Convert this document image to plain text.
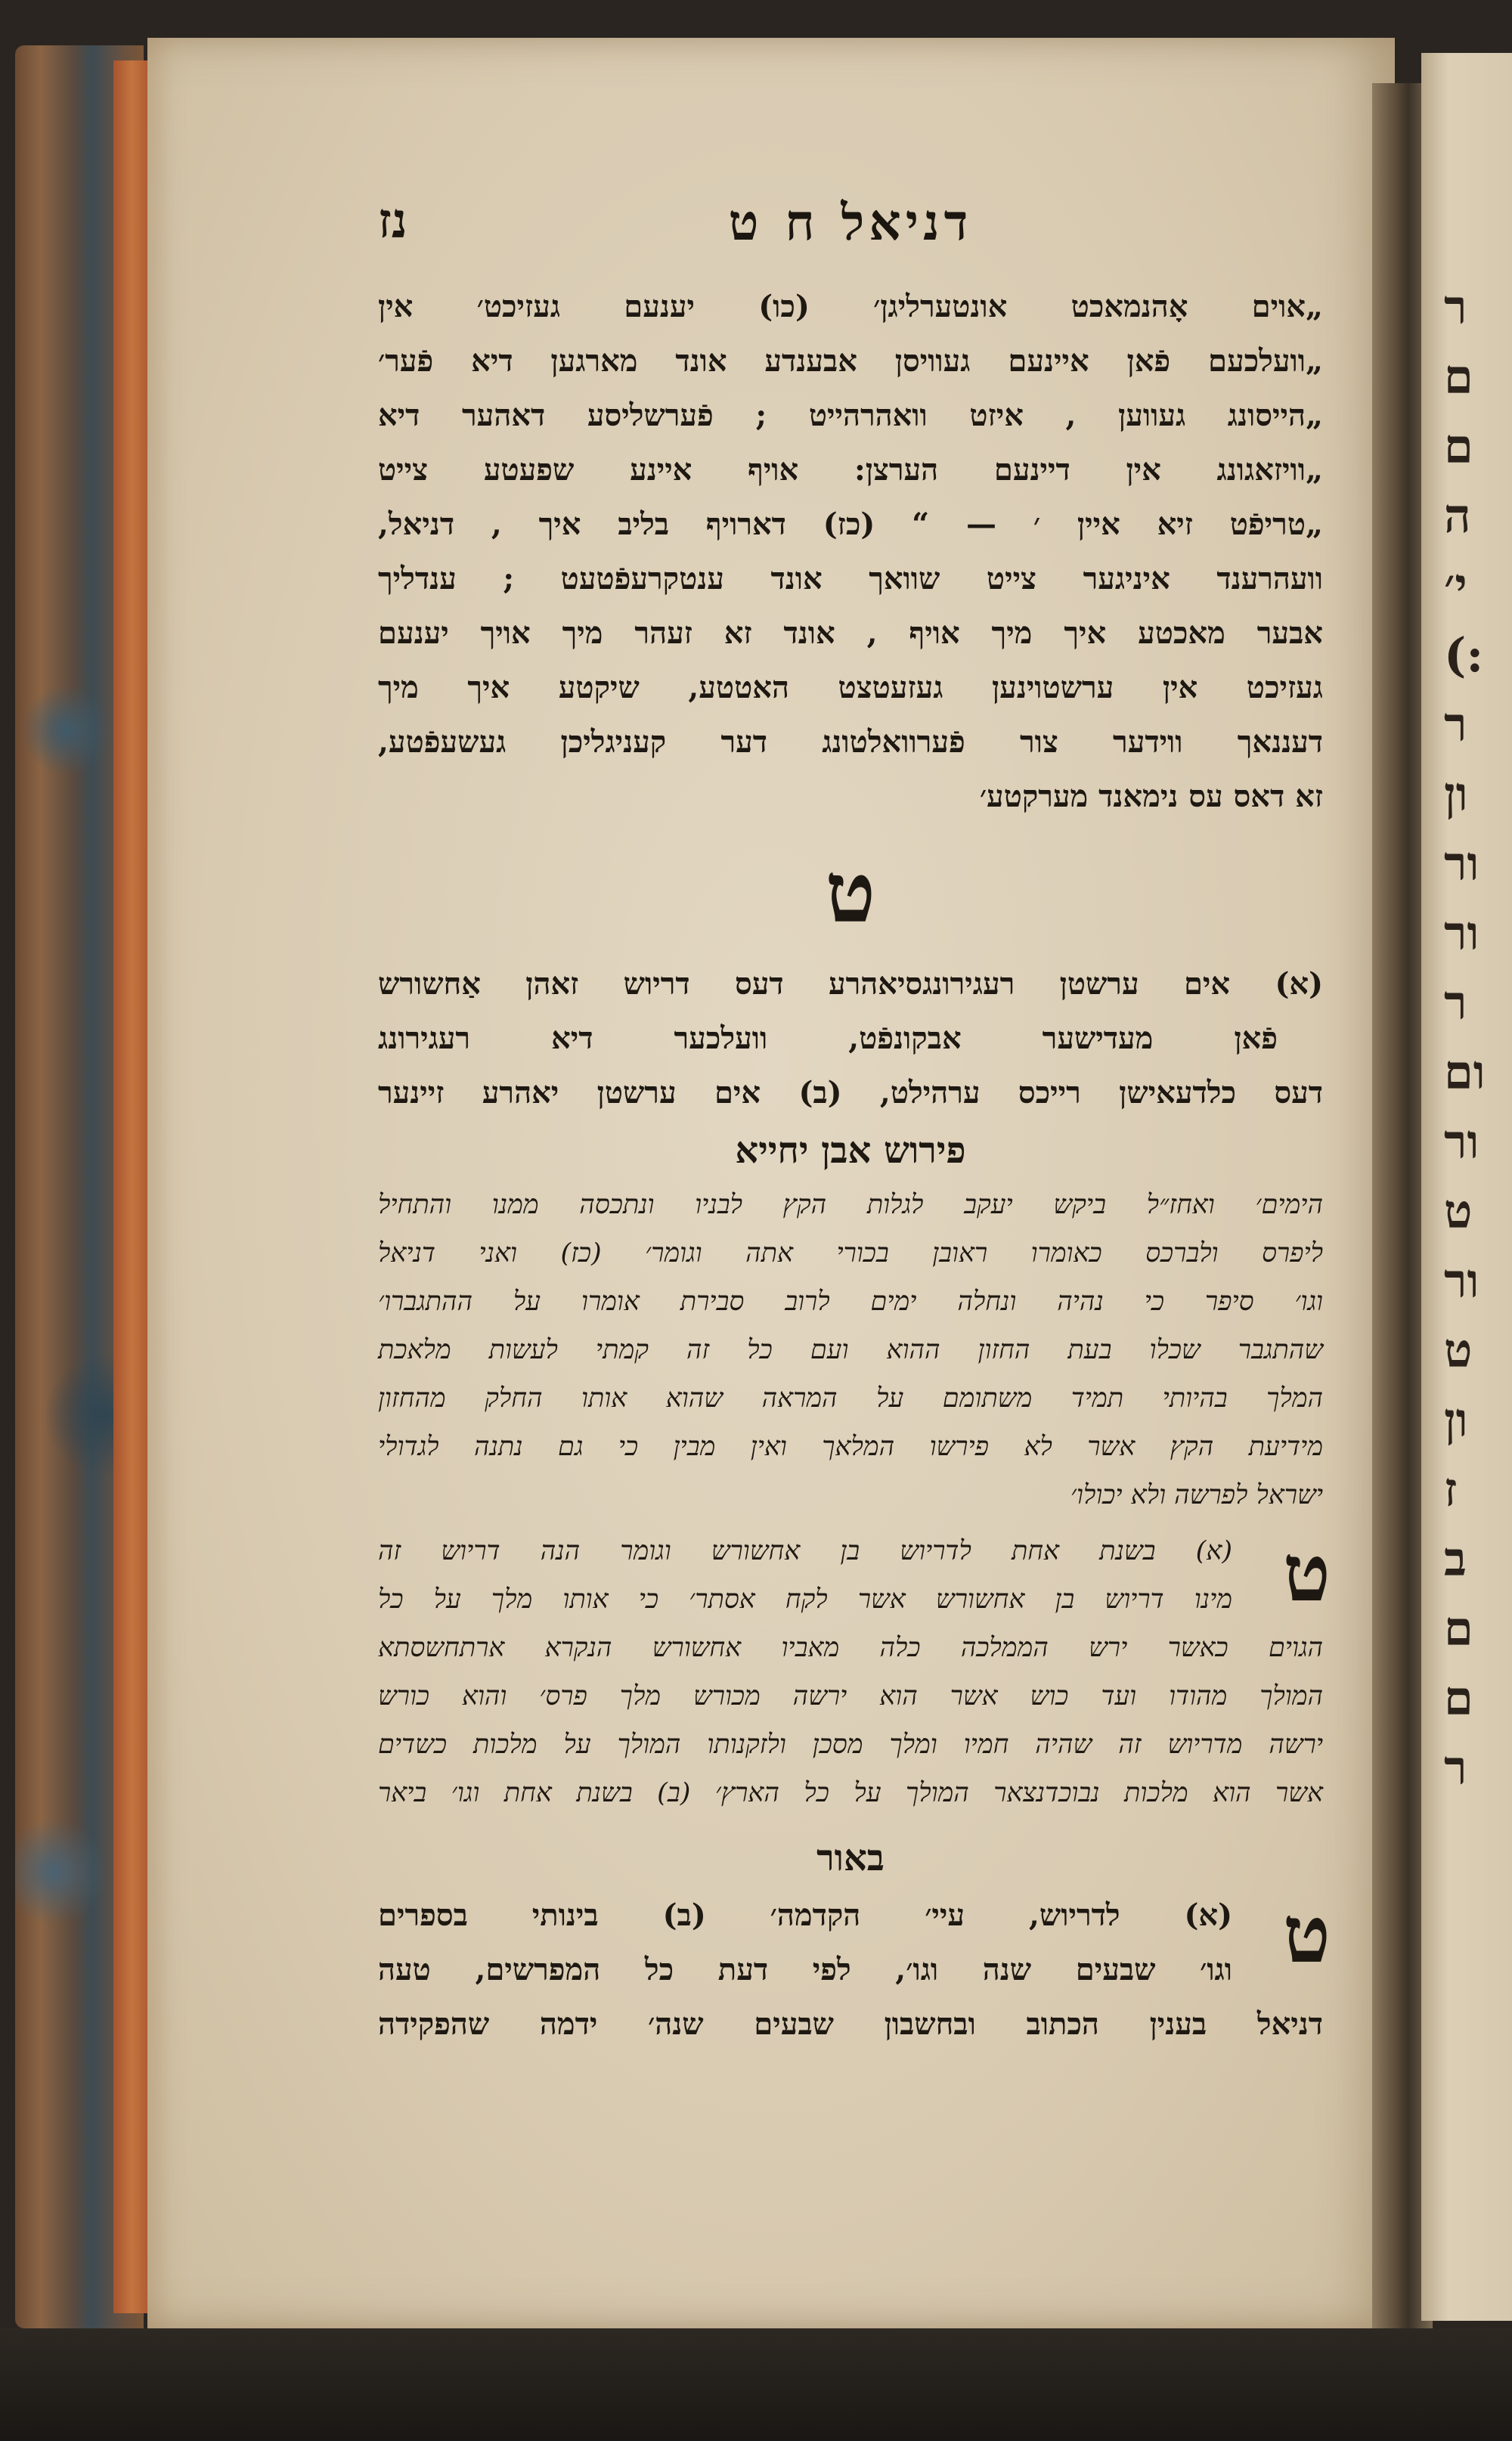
ר
ם
ם
ה
י׳
:)
ר
ון
ור
ור
ר
ום
ור
ט
ור
ט
ון
ז
ב
ם
ם
ר
דניאל ח ט
נז
„אוים אָהנמאכט אונטערליגן׳ (כו) יענעם געזיכט׳ אין
„וועלכעם פֿאן איינעם געוויסן אבענדע אונד מארגען דיא פֿער׳
„הייסונג געווען , איזט וואהרהייט ; פֿערשליסע דאהער דיא
„וויזאגונג אין דיינעם הערצן: אויף איינע שפעטע צייט
„טריפֿט זיא איין ׳ — “ (כז) דארויף בליב איך , דניאל,
וועהרענד איניגער צייט שוואך אונד ענטקרעפֿטעט ; ענדליך
אבער מאכטע איך מיך אויף , אונד זא זעהר מיך אויך יענעם
געזיכט אין ערשטוינען געזעטצט האטטע, שיקטע איך מיך
דעננאך ווידער צור פֿערוואלטונג דער קעניגליכן געשעפֿטע,
זא דאס עס נימאנד מערקטע׳
ט
(א) אים ערשטן רעגירונגסיאהרע דעס דריוש זאהן אַחשורש
פֿאן מעדישער אבקונפֿט, וועלכער דיא רעגירונג
דעס כלדעאישן רייכס ערהילט, (ב) אים ערשטן יאהרע זיינער
פירוש אבן יחייא
הימים׳ ואחז״ל ביקש יעקב לגלות הקץ לבניו ונתכסה ממנו והתחיל
ליפרס ולברכס כאומרו ראובן בכורי אתה וגומר׳ (כז) ואני דניאל
וגו׳ סיפר כי נהיה ונחלה ימים לרוב סבירת אומרו על ההתגברו׳
שהתגבר שכלו בעת החזון ההוא ועם כל זה קמתי לעשות מלאכת
המלך בהיותי תמיד משתומם על המראה שהוא אותו החלק מהחזון
מידיעת הקץ אשר לא פירשו המלאך ואין מבין כי גם נתנה לגדולי
ישראל לפרשה ולא יכולו׳
ט
(א) בשנת אחת לדריוש בן אחשורש וגומר הנה דריוש זה
מינו דריוש בן אחשורש אשר לקח אסתר׳ כי אותו מלך על כל
הגוים כאשר ירש הממלכה כלה מאביו אחשורש הנקרא ארתחשסתא
המולך מהודו ועד כוש אשר הוא ירשה מכורש מלך פרס׳ והוא כורש
ירשה מדריוש זה שהיה חמיו ומלך מסכן ולזקנותו המולך על מלכות כשדים
אשר הוא מלכות נבוכדנצאר המולך על כל הארץ׳ (ב) בשנת אחת וגו׳ ביאר
באור
ט
(א) לדריוש, עיי׳ הקדמה׳ (ב) בינותי בספרים
וגו׳ שבעים שנה וגו׳, לפי דעת כל המפרשים, טעה
דניאל בענין הכתוב ובחשבון שבעים שנה׳ ידמה שהפקידה
